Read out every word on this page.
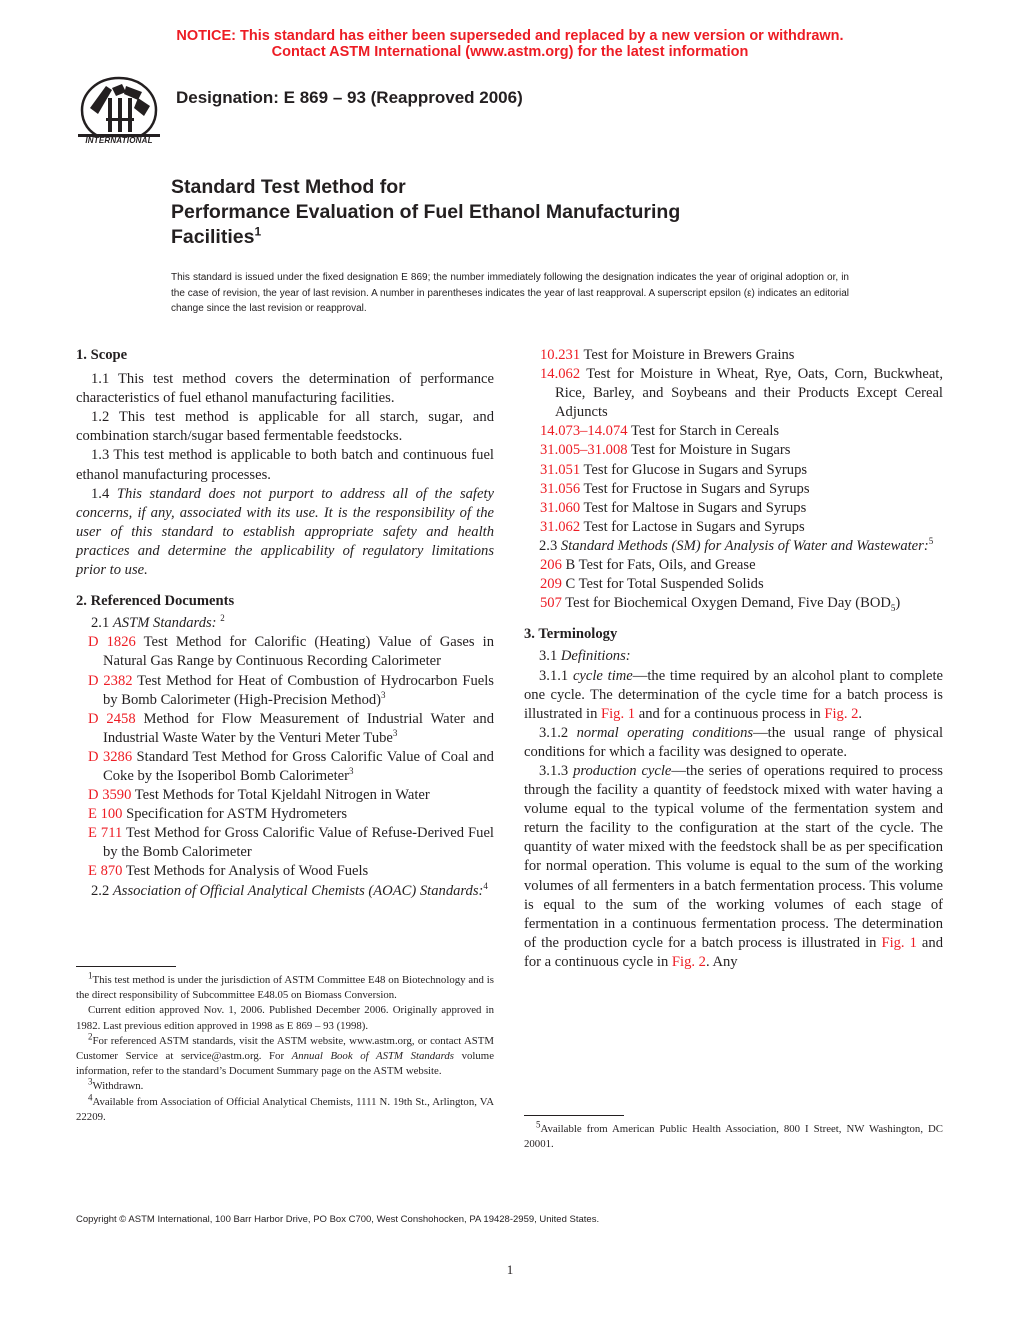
NOTICE: This standard has either been superseded and replaced by a new version or withdrawn.
Contact ASTM International (www.astm.org) for the latest information
INTERNATIONAL
Designation: E 869 – 93 (Reapproved 2006)
Standard Test Method for
Performance Evaluation of Fuel Ethanol Manufacturing
Facilities$^1$
This standard is issued under the fixed designation E 869; the number immediately following the designation indicates the year of original adoption or, in the case of revision, the year of last revision. A number in parentheses indicates the year of last reapproval. A superscript epsilon (ε) indicates an editorial change since the last revision or reapproval.

1. Scope

1.1 This test method covers the determination of performance characteristics of fuel ethanol manufacturing facilities.

1.2 This test method is applicable for all starch, sugar, and combination starch/sugar based fermentable feedstocks.

1.3 This test method is applicable to both batch and continuous fuel ethanol manufacturing processes.

1.4 This standard does not purport to address all of the safety concerns, if any, associated with its use. It is the responsibility of the user of this standard to establish appropriate safety and health practices and determine the applicability of regulatory limitations prior to use.

2. Referenced Documents

2.1 ASTM Standards: $^2$

D 1826 Test Method for Calorific (Heating) Value of Gases in Natural Gas Range by Continuous Recording Calorimeter

D 2382 Test Method for Heat of Combustion of Hydrocarbon Fuels by Bomb Calorimeter (High-Precision Method)$^3$

D 2458 Method for Flow Measurement of Industrial Water and Industrial Waste Water by the Venturi Meter Tube$^3$

D 3286 Standard Test Method for Gross Calorific Value of Coal and Coke by the Isoperibol Bomb Calorimeter$^3$

D 3590 Test Methods for Total Kjeldahl Nitrogen in Water

E 100 Specification for ASTM Hydrometers

E 711 Test Method for Gross Calorific Value of Refuse-Derived Fuel by the Bomb Calorimeter

E 870 Test Methods for Analysis of Wood Fuels

2.2 Association of Official Analytical Chemists (AOAC) Standards:$^4$

10.231 Test for Moisture in Brewers Grains

14.062 Test for Moisture in Wheat, Rye, Oats, Corn, Buckwheat, Rice, Barley, and Soybeans and their Products Except Cereal Adjuncts

14.073–14.074 Test for Starch in Cereals

31.005–31.008 Test for Moisture in Sugars

31.051 Test for Glucose in Sugars and Syrups

31.056 Test for Fructose in Sugars and Syrups

31.060 Test for Maltose in Sugars and Syrups

31.062 Test for Lactose in Sugars and Syrups

2.3 Standard Methods (SM) for Analysis of Water and Wastewater:$^5$

206 B Test for Fats, Oils, and Grease

209 C Test for Total Suspended Solids

507 Test for Biochemical Oxygen Demand, Five Day $(BOD_5)$

3. Terminology

3.1 Definitions:

3.1.1 cycle time—the time required by an alcohol plant to complete one cycle. The determination of the cycle time for a batch process is illustrated in Fig. 1 and for a continuous process in Fig. 2.

3.1.2 normal operating conditions—the usual range of physical conditions for which a facility was designed to operate.

3.1.3 production cycle—the series of operations required to process through the facility a quantity of feedstock mixed with water having a volume equal to the typical volume of the fermentation system and return the facility to the configuration at the start of the cycle. The quantity of water mixed with the feedstock shall be as per specification for normal operation. This volume is equal to the sum of the working volumes of all fermenters in a batch fermentation process. This volume is equal to the sum of the working volumes of each stage of fermentation in a continuous fermentation process. The determination of the production cycle for a batch process is illustrated in Fig. 1 and for a continuous cycle in Fig. 2. Any

$^1$This test method is under the jurisdiction of ASTM Committee E48 on Biotechnology and is the direct responsibility of Subcommittee E48.05 on Biomass Conversion.

Current edition approved Nov. 1, 2006. Published December 2006. Originally approved in 1982. Last previous edition approved in 1998 as E 869 – 93 (1998).

$^2$For referenced ASTM standards, visit the ASTM website, www.astm.org, or contact ASTM Customer Service at service@astm.org. For Annual Book of ASTM Standards volume information, refer to the standard’s Document Summary page on the ASTM website.

$^3$Withdrawn.

$^4$Available from Association of Official Analytical Chemists, 1111 N. 19th St., Arlington, VA 22209.

$^5$Available from American Public Health Association, 800 I Street, NW Washington, DC 20001.

Copyright © ASTM International, 100 Barr Harbor Drive, PO Box C700, West Conshohocken, PA 19428-2959, United States.
1
